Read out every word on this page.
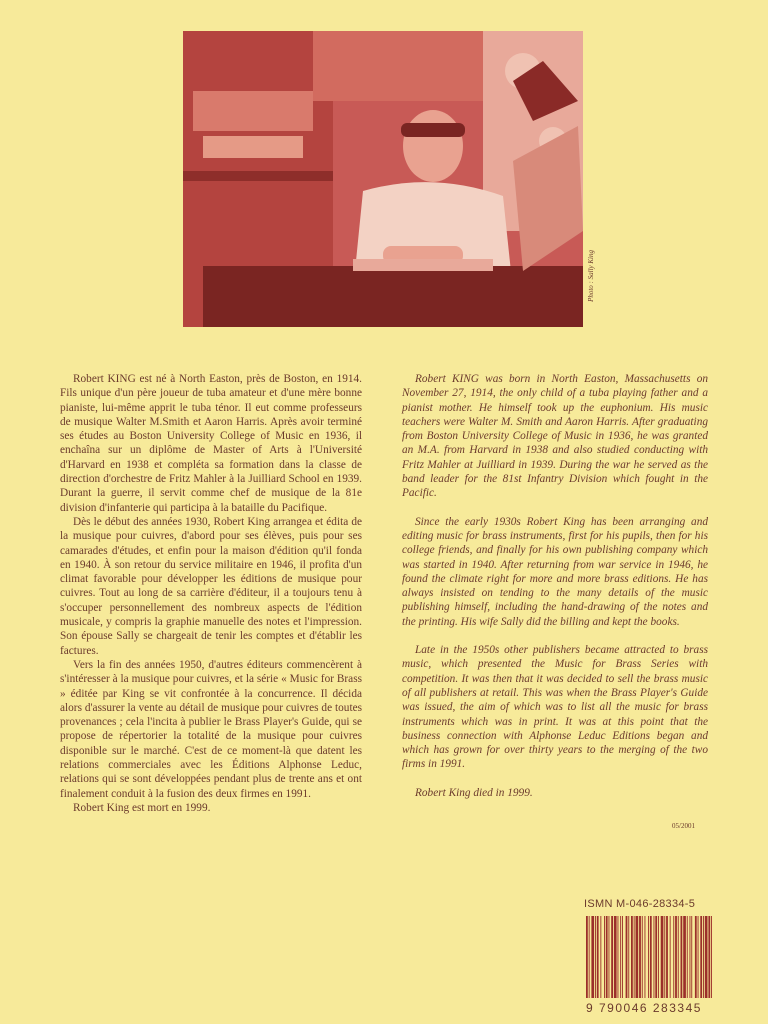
Photo : Sally King

Robert KING est né à North Easton, près de Boston, en 1914. Fils unique d'un père joueur de tuba amateur et d'une mère bonne pianiste, lui-même apprit le tuba ténor. Il eut comme professeurs de musique Walter M.Smith et Aaron Harris. Après avoir terminé ses études au Boston University College of Music en 1936, il enchaîna sur un diplôme de Master of Arts à l'Université d'Harvard en 1938 et compléta sa formation dans la classe de direction d'orchestre de Fritz Mahler à la Juilliard School en 1939. Durant la guerre, il servit comme chef de musique de la 81e division d'infanterie qui participa à la bataille du Pacifique.

Dès le début des années 1930, Robert King arrangea et édita de la musique pour cuivres, d'abord pour ses élèves, puis pour ses camarades d'études, et enfin pour la maison d'édition qu'il fonda en 1940. À son retour du service militaire en 1946, il profita d'un climat favorable pour développer les éditions de musique pour cuivres. Tout au long de sa carrière d'éditeur, il a toujours tenu à s'occuper personnellement des nombreux aspects de l'édition musicale, y compris la graphie manuelle des notes et l'impression. Son épouse Sally se chargeait de tenir les comptes et d'établir les factures.

Vers la fin des années 1950, d'autres éditeurs commencèrent à s'intéresser à la musique pour cuivres, et la série « Music for Brass » éditée par King se vit confrontée à la concurrence. Il décida alors d'assurer la vente au détail de musique pour cuivres de toutes provenances ; cela l'incita à publier le Brass Player's Guide, qui se propose de répertorier la totalité de la musique pour cuivres disponible sur le marché. C'est de ce moment-là que datent les relations commerciales avec les Éditions Alphonse Leduc, relations qui se sont développées pendant plus de trente ans et ont finalement conduit à la fusion des deux firmes en 1991.

Robert King est mort en 1999.

Robert KING was born in North Easton, Massachusetts on November 27, 1914, the only child of a tuba playing father and a pianist mother. He himself took up the euphonium. His music teachers were Walter M. Smith and Aaron Harris. After graduating from Boston University College of Music in 1936, he was granted an M.A. from Harvard in 1938 and also studied conducting with Fritz Mahler at Juilliard in 1939. During the war he served as the band leader for the 81st Infantry Division which fought in the Pacific.

Since the early 1930s Robert King has been arranging and editing music for brass instruments, first for his pupils, then for his college friends, and finally for his own publishing company which was started in 1940. After returning from war service in 1946, he found the climate right for more and more brass editions. He has always insisted on tending to the many details of the music publishing himself, including the hand-drawing of the notes and the printing. His wife Sally did the billing and kept the books.

Late in the 1950s other publishers became attracted to brass music, which presented the Music for Brass Series with competition. It was then that it was decided to sell the brass music of all publishers at retail. This was when the Brass Player's Guide was issued, the aim of which was to list all the music for brass instruments which was in print. It was at this point that the business connection with Alphonse Leduc Editions began and which has grown for over thirty years to the merging of the two firms in 1991.

Robert King died in 1999.

05/2001
ISMN M-046-28334-5
9 790046 283345
